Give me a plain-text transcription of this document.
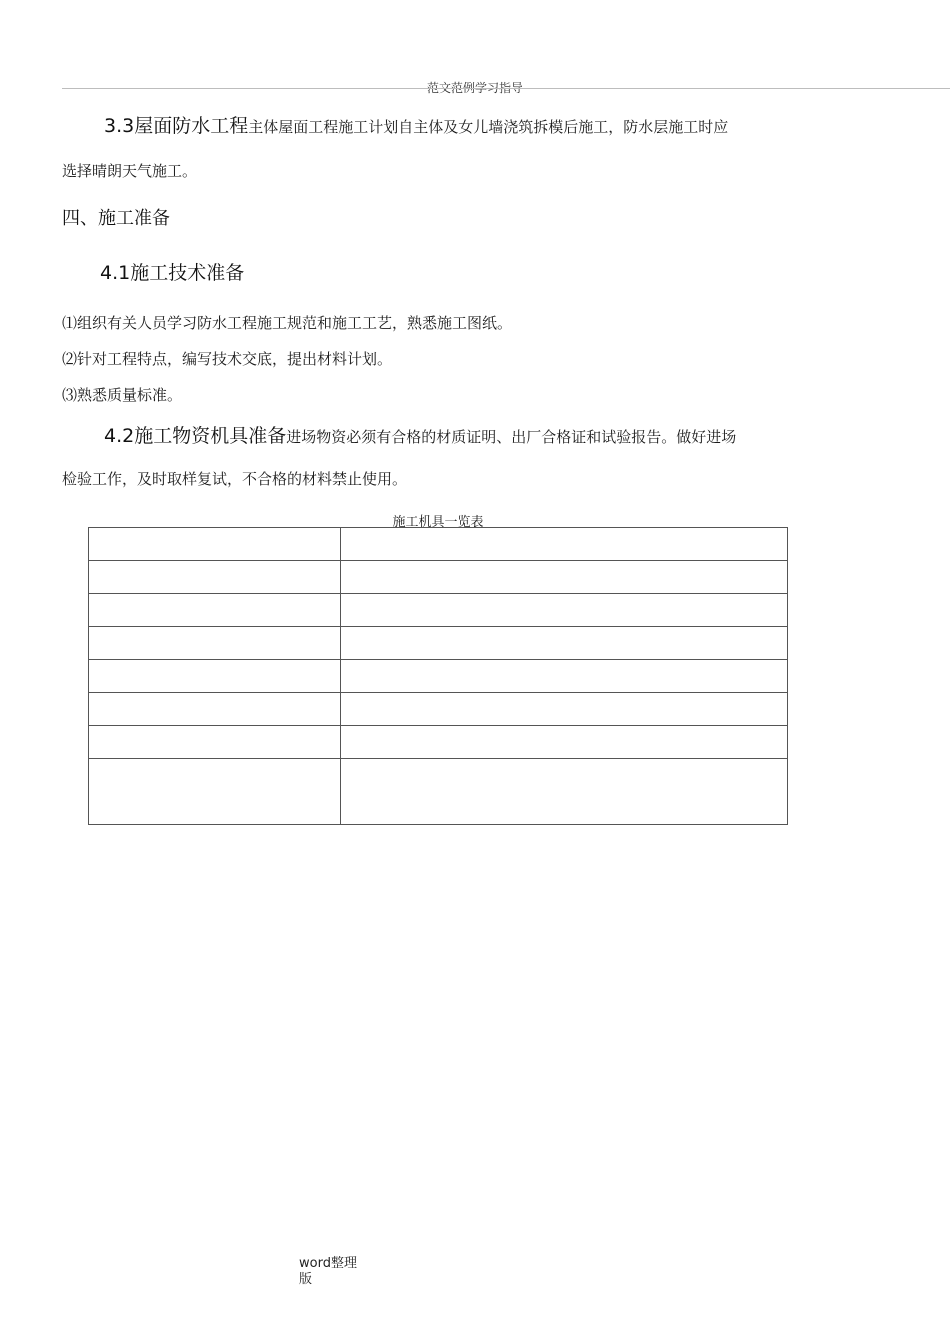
范文范例学习指导
3.3屋面防水工程主体屋面工程施工计划自主体及女儿墙浇筑拆模后施工，防水层施工时应
选择晴朗天气施工。
四、施工准备
4.1施工技术准备
⑴组织有关人员学习防水工程施工规范和施工工艺，熟悉施工图纸。
⑵针对工程特点，编写技术交底，提出材料计划。
⑶熟悉质量标准。
4.2施工物资机具准备进场物资必须有合格的材质证明、出厂合格证和试验报告。做好进场
检验工作，及时取样复试，不合格的材料禁止使用。
施工机具一览表

word整理
版
